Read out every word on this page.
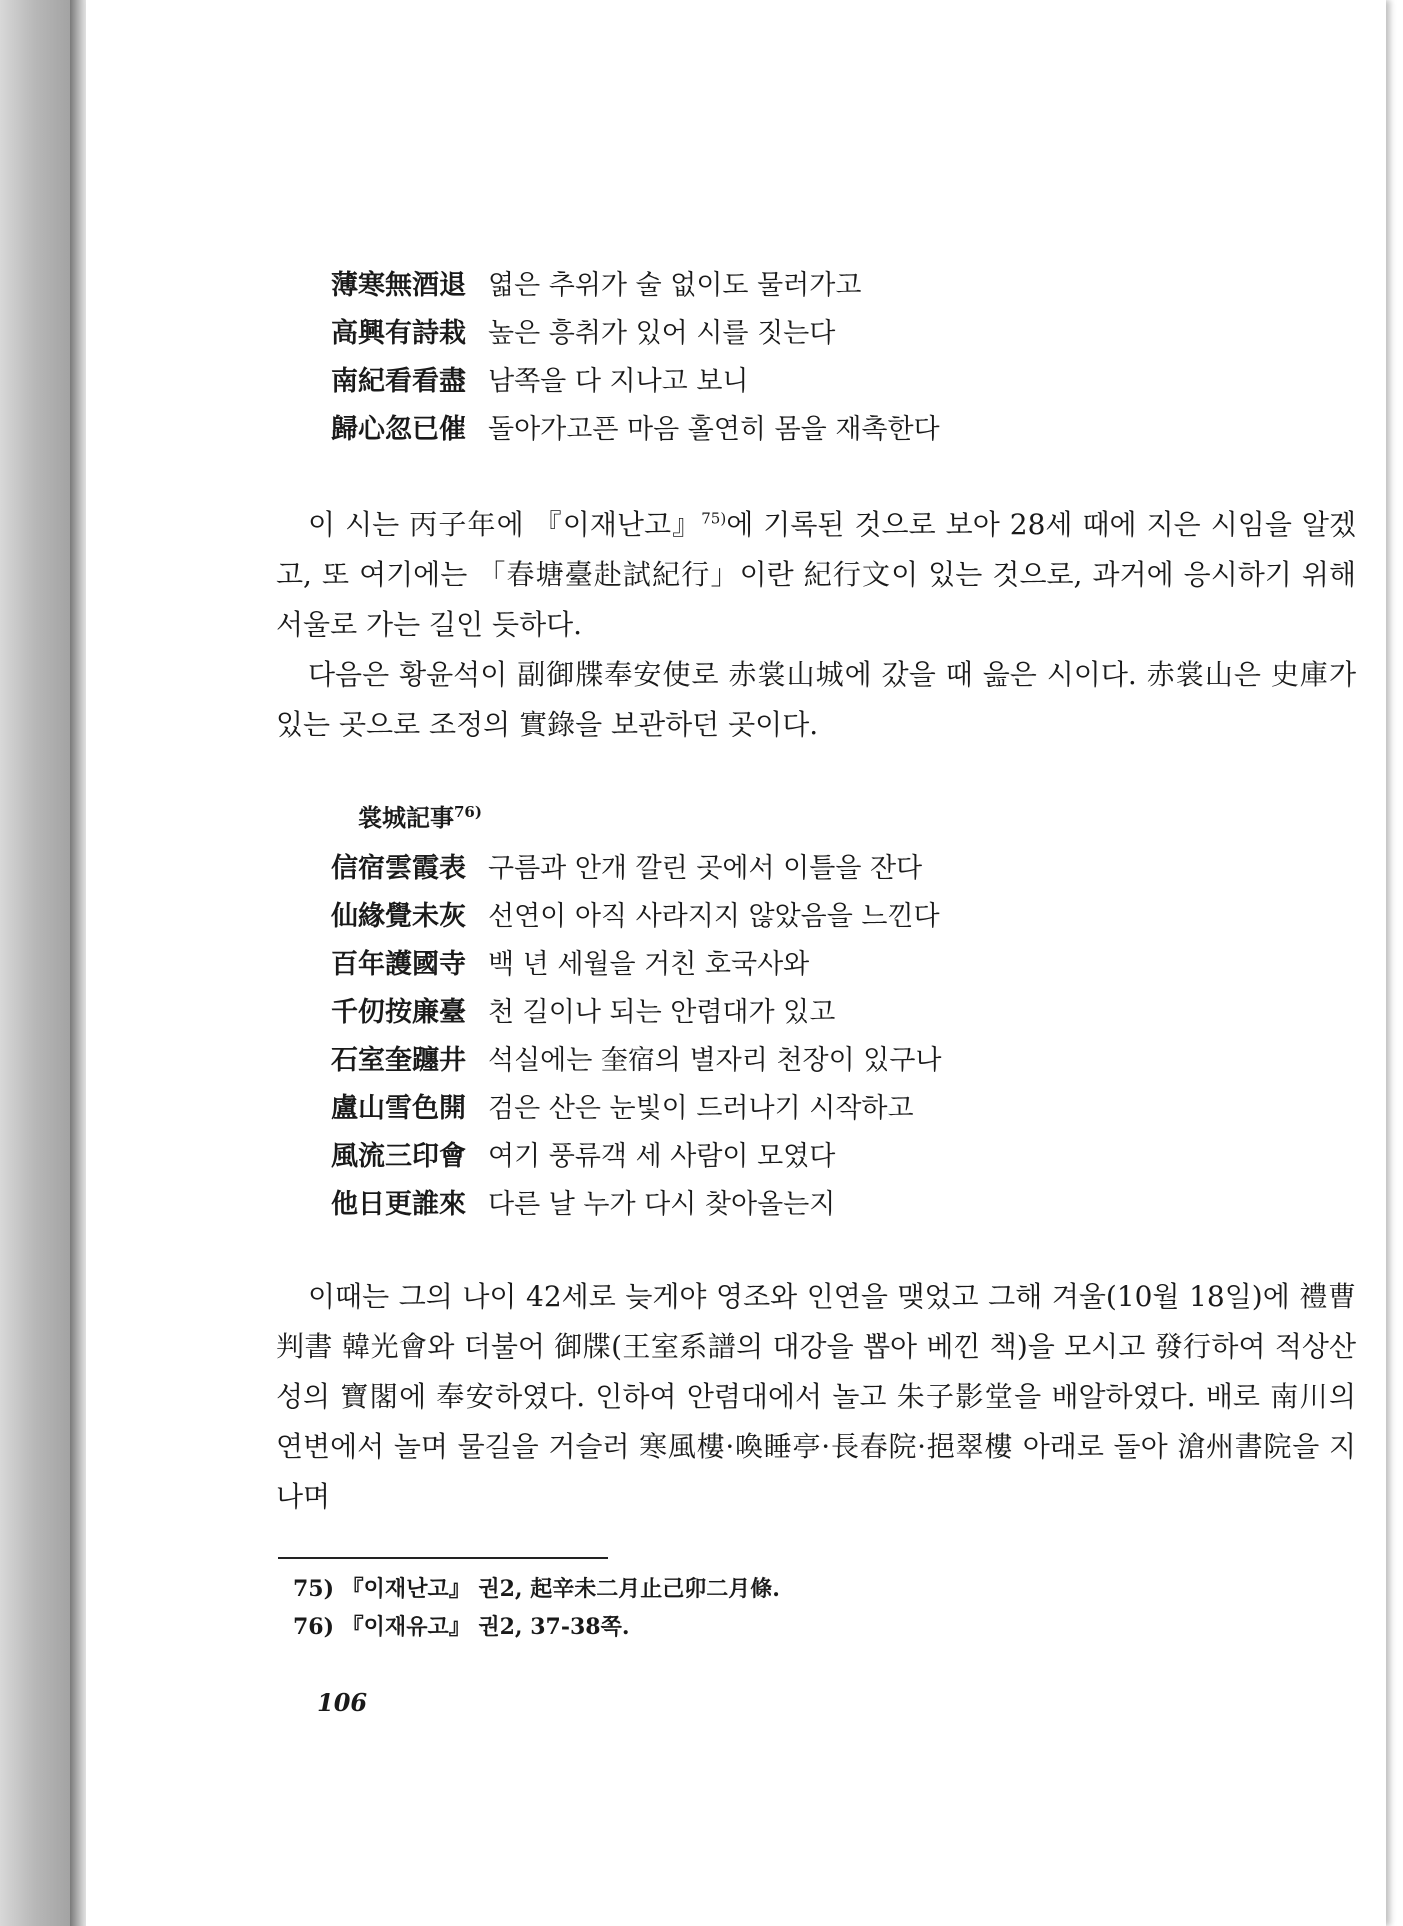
薄寒無酒退 엷은 추위가 술 없이도 물러가고
高興有詩栽 높은 흥취가 있어 시를 짓는다
南紀看看盡 남쪽을 다 지나고 보니
歸心忽已催 돌아가고픈 마음 홀연히 몸을 재촉한다

이 시는 丙子年에 『이재난고』$^{75)}$에 기록된 것으로 보아 28세 때에 지은 시임을 알겠고, 또 여기에는 「春塘臺赴試紀行」이란 紀行文이 있는 것으로, 과거에 응시하기 위해 서울로 가는 길인 듯하다.

다음은 황윤석이 副御牒奉安使로 赤裳山城에 갔을 때 읊은 시이다. 赤裳山은 史庫가 있는 곳으로 조정의 實錄을 보관하던 곳이다.

裳城記事$^{76)}$
信宿雲霞表 구름과 안개 깔린 곳에서 이틀을 잔다
仙緣覺未灰 선연이 아직 사라지지 않았음을 느낀다
百年護國寺 백 년 세월을 거친 호국사와
千仞按廉臺 천 길이나 되는 안렴대가 있고
石室奎躔井 석실에는 奎宿의 별자리 천장이 있구나
盧山雪色開 검은 산은 눈빛이 드러나기 시작하고
風流三印會 여기 풍류객 세 사람이 모였다
他日更誰來 다른 날 누가 다시 찾아올는지

이때는 그의 나이 42세로 늦게야 영조와 인연을 맺었고 그해 겨울(10월 18일)에 禮曹判書 韓光會와 더불어 御牒(王室系譜의 대강을 뽑아 베낀 책)을 모시고 發行하여 적상산성의 寶閣에 奉安하였다. 인하여 안렴대에서 놀고 朱子影堂을 배알하였다. 배로 南川의 연변에서 놀며 물길을 거슬러 寒風樓·喚睡亭·長春院·挹翠樓 아래로 돌아 滄州書院을 지나며

75) 『이재난고』 권2, 起辛未二月止己卯二月條.
76) 『이재유고』 권2, 37-38쪽.
106
